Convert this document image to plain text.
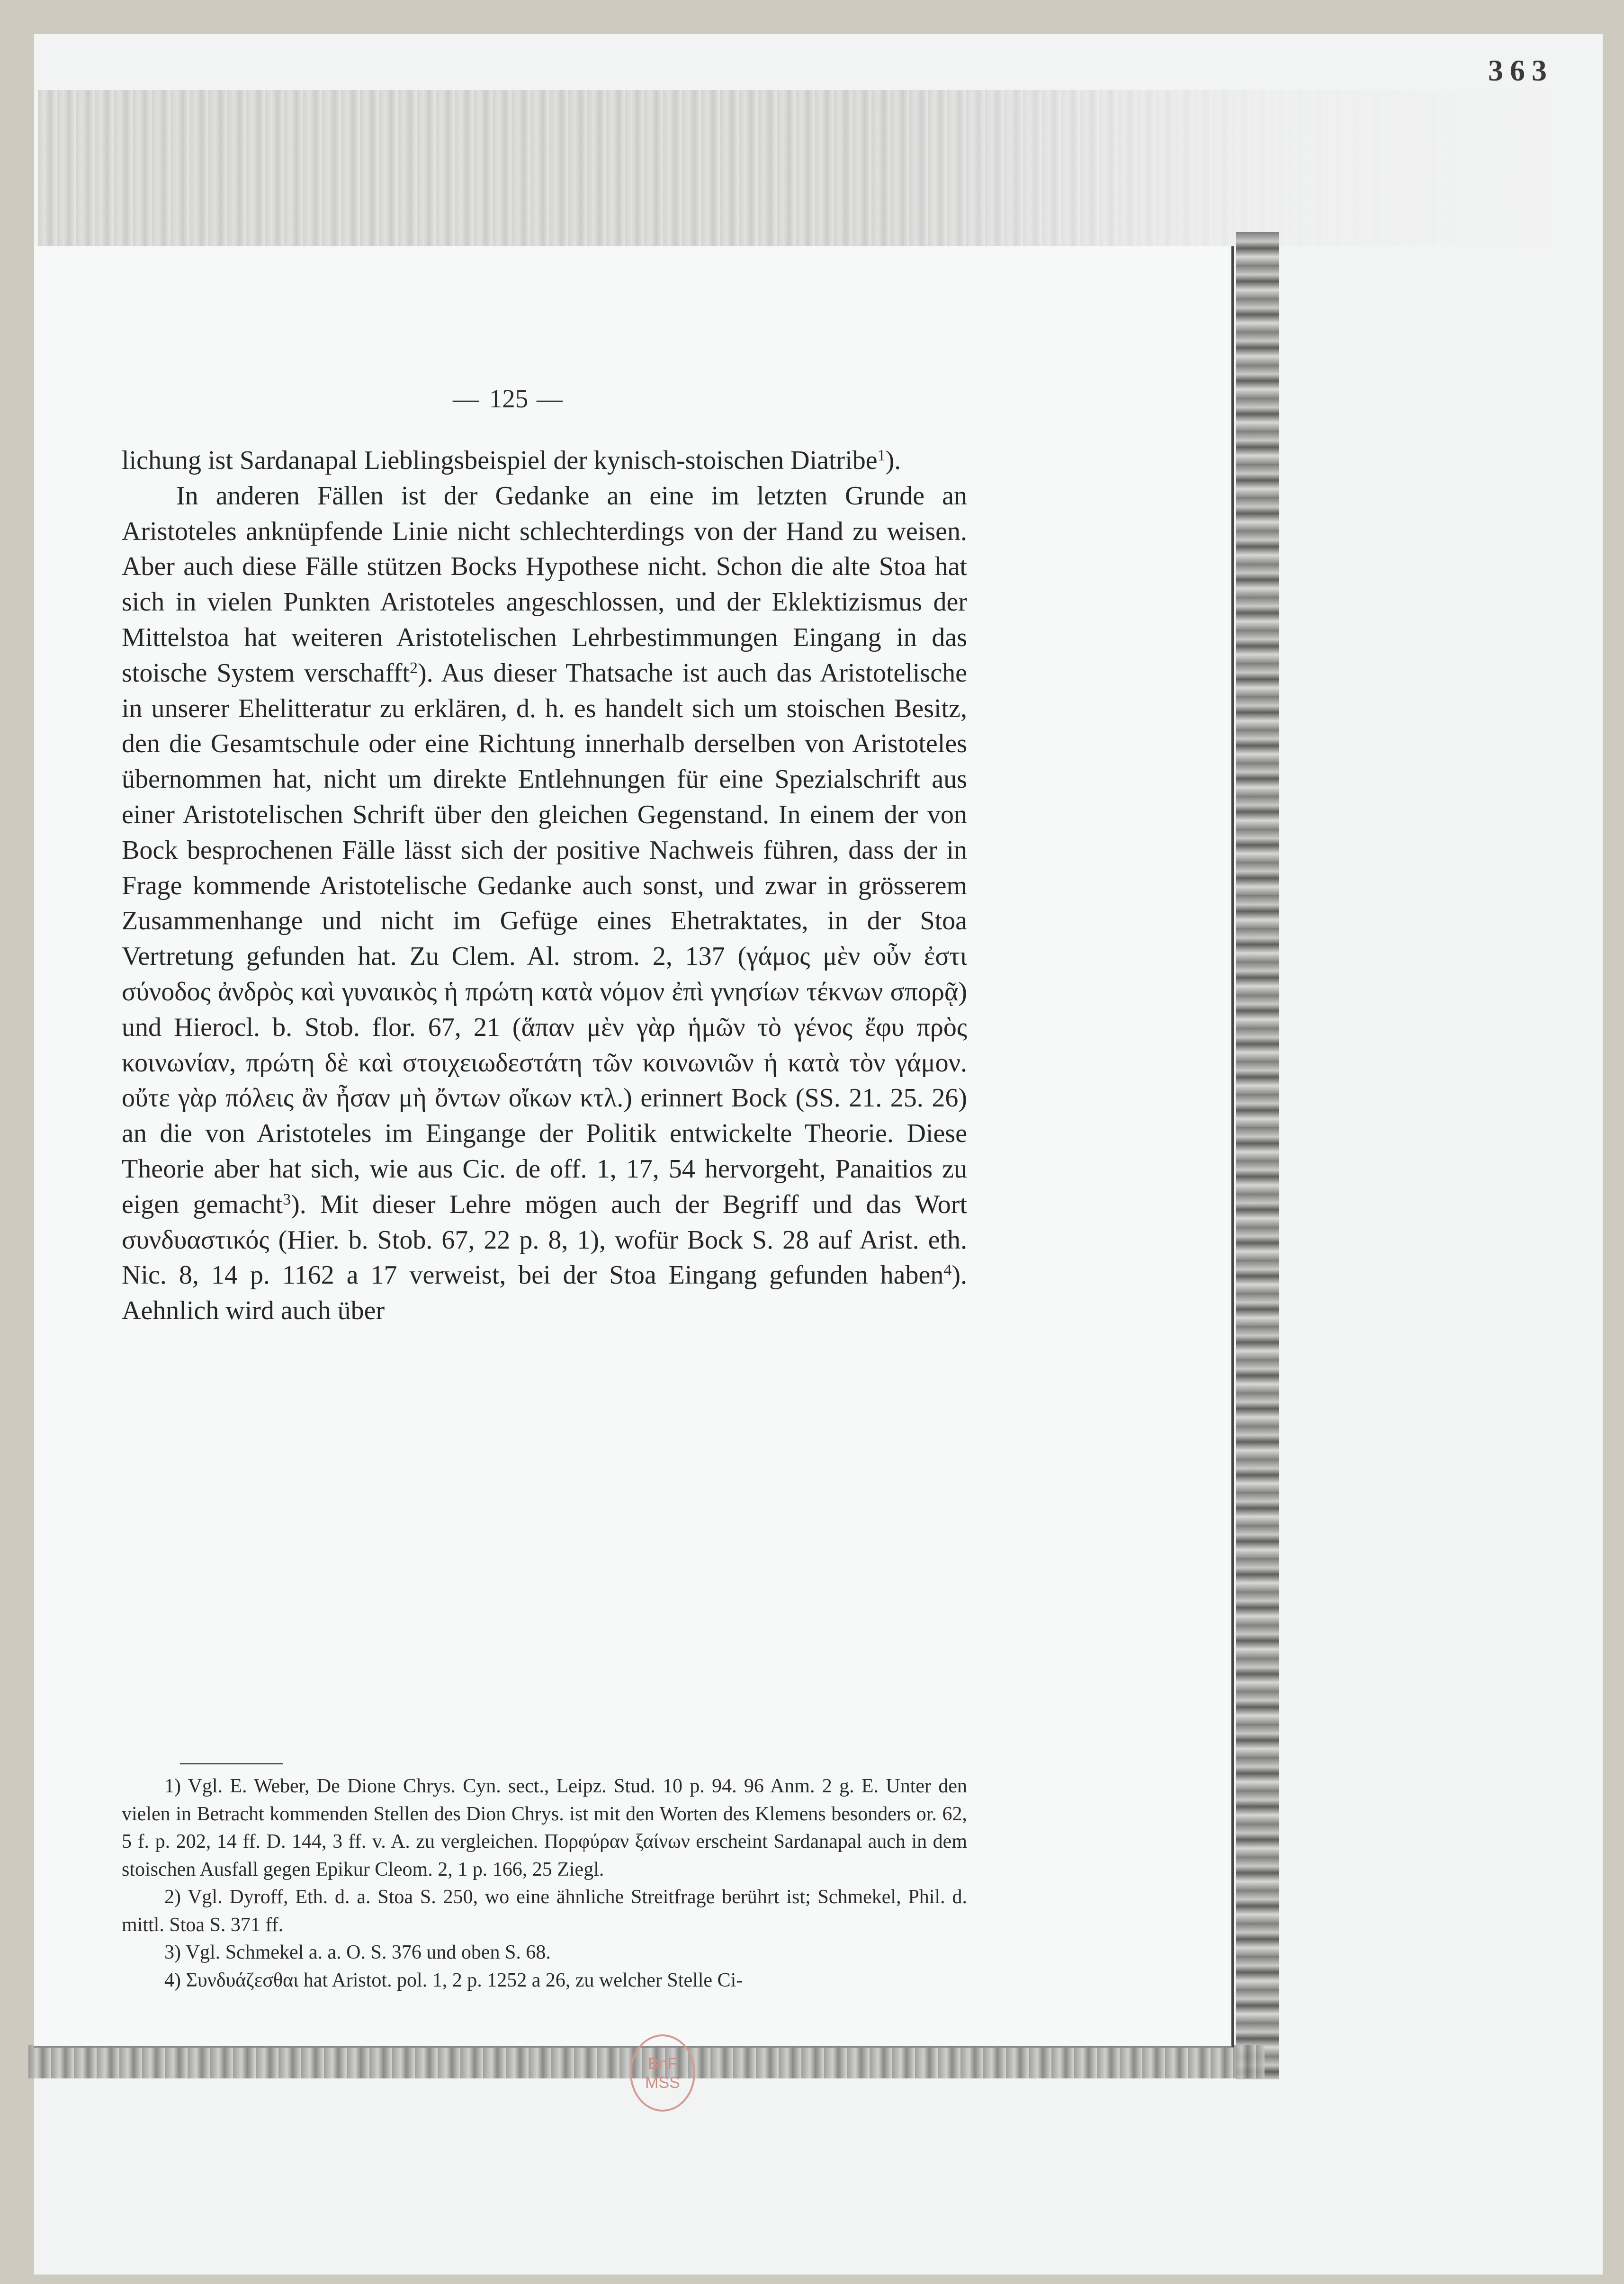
363
— 125 —

lichung ist Sardanapal Lieblingsbeispiel der kynisch-stoischen Diatribe$^1$).

In anderen Fällen ist der Gedanke an eine im letzten Grunde an Aristoteles anknüpfende Linie nicht schlechterdings von der Hand zu weisen. Aber auch diese Fälle stützen Bocks Hypothese nicht. Schon die alte Stoa hat sich in vielen Punkten Aristoteles angeschlossen, und der Eklektizismus der Mittelstoa hat weiteren Aristotelischen Lehrbestimmungen Eingang in das stoische System verschafft$^2$). Aus dieser Thatsache ist auch das Aristotelische in unserer Ehelitteratur zu erklären, d. h. es handelt sich um stoischen Besitz, den die Gesamtschule oder eine Richtung innerhalb derselben von Aristoteles übernommen hat, nicht um direkte Entlehnungen für eine Spezialschrift aus einer Aristotelischen Schrift über den gleichen Gegenstand. In einem der von Bock besprochenen Fälle lässt sich der positive Nachweis führen, dass der in Frage kommende Aristotelische Gedanke auch sonst, und zwar in grösserem Zusammenhange und nicht im Gefüge eines Ehetraktates, in der Stoa Vertretung gefunden hat. Zu Clem. Al. strom. 2, 137 (γάμος μὲν οὖν ἐστι σύνοδος ἀνδρὸς καὶ γυναικὸς ἡ πρώτη κατὰ νόμον ἐπὶ γνησίων τέκνων σπορᾷ) und Hierocl. b. Stob. flor. 67, 21 (ἅπαν μὲν γὰρ ἡμῶν τὸ γένος ἔφυ πρὸς κοινωνίαν, πρώτη δὲ καὶ στοιχειωδεστάτη τῶν κοινωνιῶν ἡ κατὰ τὸν γάμον. οὔτε γὰρ πόλεις ἂν ἦσαν μὴ ὄντων οἴκων κτλ.) erinnert Bock (SS. 21. 25. 26) an die von Aristoteles im Eingange der Politik entwickelte Theorie. Diese Theorie aber hat sich, wie aus Cic. de off. 1, 17, 54 hervorgeht, Panaitios zu eigen gemacht$^3$). Mit dieser Lehre mögen auch der Begriff und das Wort συνδυαστικός (Hier. b. Stob. 67, 22 p. 8, 1), wofür Bock S. 28 auf Arist. eth. Nic. 8, 14 p. 1162 a 17 verweist, bei der Stoa Eingang gefunden haben$^4$). Aehnlich wird auch über

1) Vgl. E. Weber, De Dione Chrys. Cyn. sect., Leipz. Stud. 10 p. 94. 96 Anm. 2 g. E. Unter den vielen in Betracht kommenden Stellen des Dion Chrys. ist mit den Worten des Klemens besonders or. 62, 5 f. p. 202, 14 ff. D. 144, 3 ff. v. A. zu vergleichen. Πορφύραν ξαίνων erscheint Sardanapal auch in dem stoischen Ausfall gegen Epikur Cleom. 2, 1 p. 166, 25 Ziegl.

2) Vgl. Dyroff, Eth. d. a. Stoa S. 250, wo eine ähnliche Streitfrage berührt ist; Schmekel, Phil. d. mittl. Stoa S. 371 ff.

3) Vgl. Schmekel a. a. O. S. 376 und oben S. 68.

4) Συνδυάζεσθαι hat Aristot. pol. 1, 2 p. 1252 a 26, zu welcher Stelle Ci-

BnF
MSS
